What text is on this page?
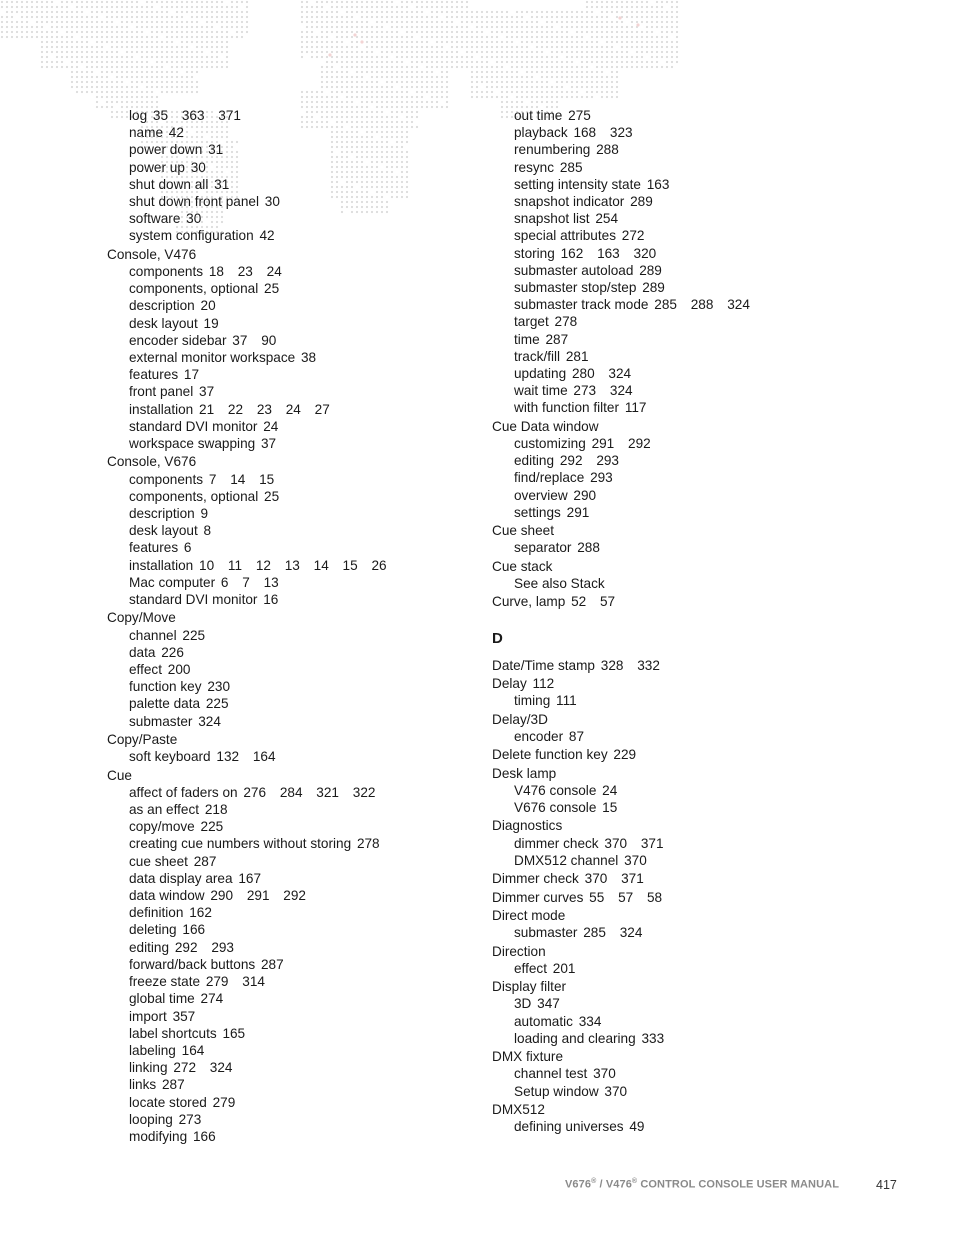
log 35 363 371
name 42
power down 31
power up 30
shut down all 31
shut down front panel 30
software 30
system configuration 42
Console, V476
components 18 23 24
components, optional 25
description 20
desk layout 19
encoder sidebar 37 90
external monitor workspace 38
features 17
front panel 37
installation 21 22 23 24 27
standard DVI monitor 24
workspace swapping 37
Console, V676
components 7 14 15
components, optional 25
description 9
desk layout 8
features 6
installation 10 11 12 13 14 15 26
Mac computer 6 7 13
standard DVI monitor 16
Copy/Move
channel 225
data 226
effect 200
function key 230
palette data 225
submaster 324
Copy/Paste
soft keyboard 132 164
Cue
affect of faders on 276 284 321 322
as an effect 218
copy/move 225
creating cue numbers without storing 278
cue sheet 287
data display area 167
data window 290 291 292
definition 162
deleting 166
editing 292 293
forward/back buttons 287
freeze state 279 314
global time 274
import 357
label shortcuts 165
labeling 164
linking 272 324
links 287
locate stored 279
looping 273
modifying 166
out time 275
playback 168 323
renumbering 288
resync 285
setting intensity state 163
snapshot indicator 289
snapshot list 254
special attributes 272
storing 162 163 320
submaster autoload 289
submaster stop/step 289
submaster track mode 285 288 324
target 278
time 287
track/fill 281
updating 280 324
wait time 273 324
with function filter 117
Cue Data window
customizing 291 292
editing 292 293
find/replace 293
overview 290
settings 291
Cue sheet
separator 288
Cue stack
See also Stack
Curve, lamp 52 57
D
Date/Time stamp 328 332
Delay 112
timing 111
Delay/3D
encoder 87
Delete function key 229
Desk lamp
V476 console 24
V676 console 15
Diagnostics
dimmer check 370 371
DMX512 channel 370
Dimmer check 370 371
Dimmer curves 55 57 58
Direct mode
submaster 285 324
Direction
effect 201
Display filter
3D 347
automatic 334
loading and clearing 333
DMX fixture
channel test 370
Setup window 370
DMX512
defining universes 49
V676® / V476® CONTROL CONSOLE USER MANUAL	417
